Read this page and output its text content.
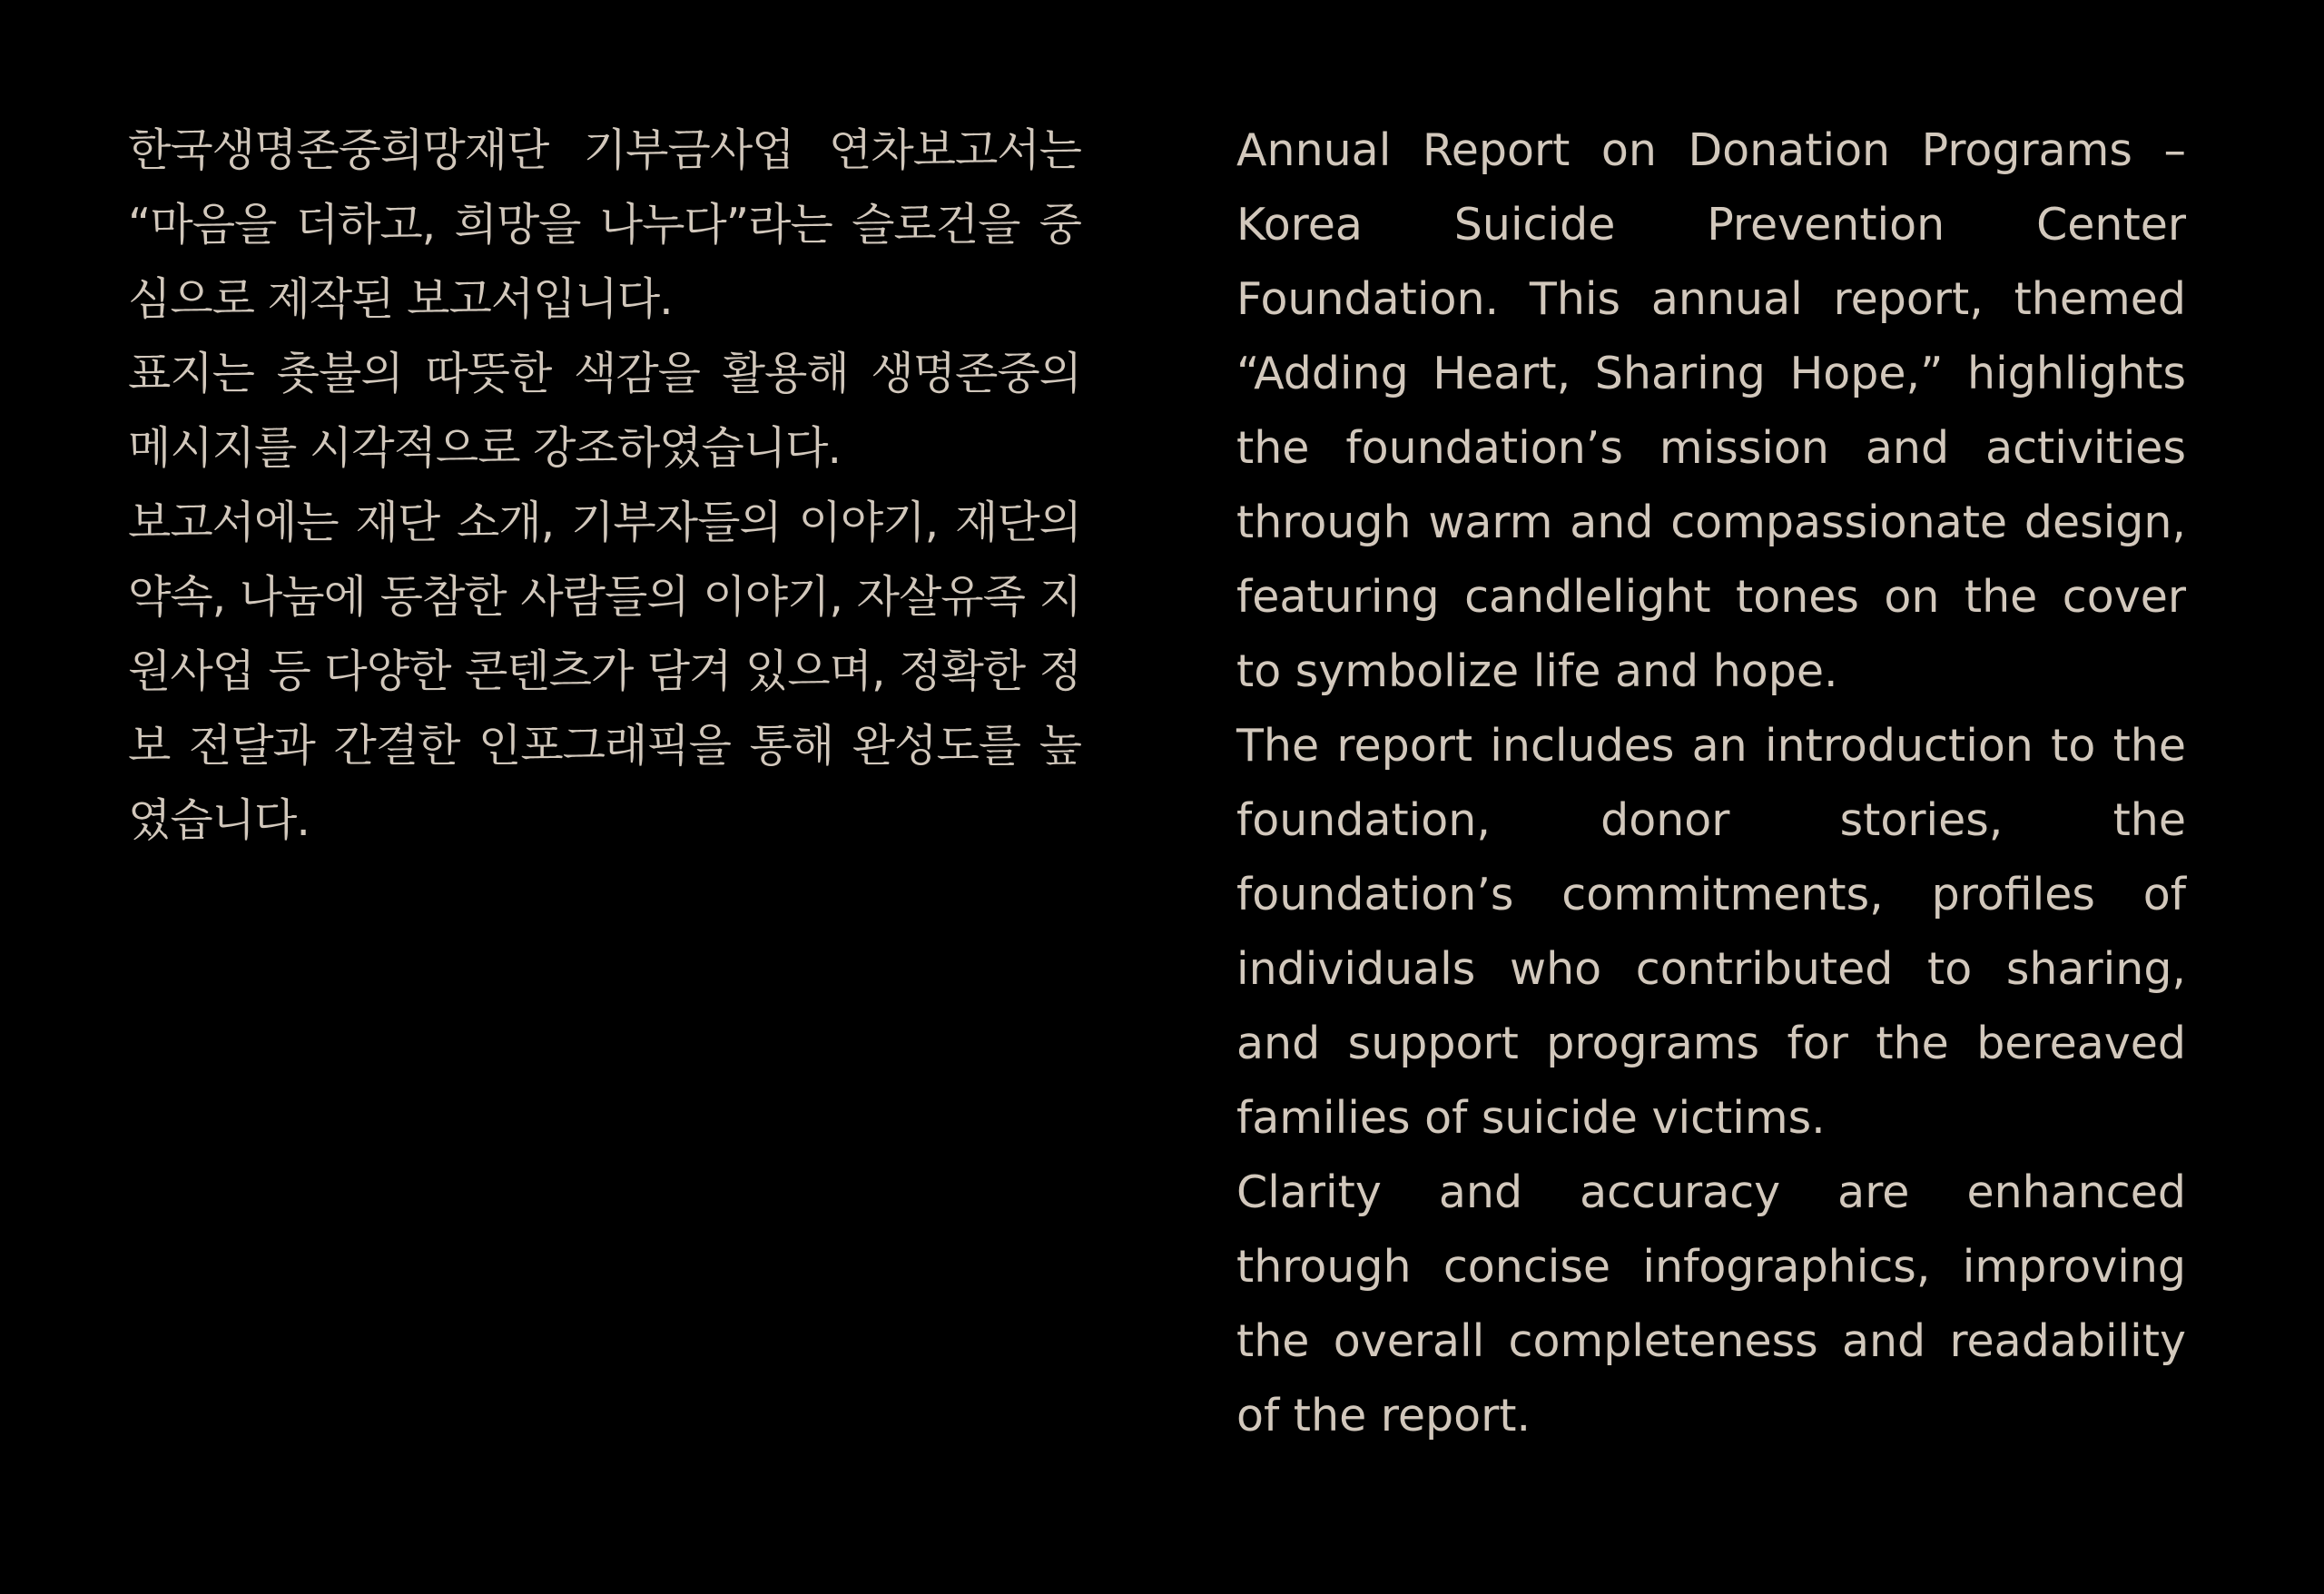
한국생명존중희망재단 기부금사업 연차보고서는 “마음을 더하고, 희망을 나누다”라는 슬로건을 중심으로 제작된 보고서입니다.

표지는 촛불의 따뜻한 색감을 활용해 생명존중의 메시지를 시각적으로 강조하였습니다.

보고서에는 재단 소개, 기부자들의 이야기, 재단의 약속, 나눔에 동참한 사람들의 이야기, 자살유족 지원사업 등 다양한 콘텐츠가 담겨 있으며, 정확한 정보 전달과 간결한 인포그래픽을 통해 완성도를 높였습니다.

Annual Report on Donation Programs – Korea Suicide Prevention Center Foundation. This annual report, themed “Adding Heart, Sharing Hope,” highlights the foundation’s mission and activities through warm and compassionate design, featuring candlelight tones on the cover to symbolize life and hope.

The report includes an introduction to the foundation, donor stories, the foundation’s commitments, profiles of individuals who contributed to sharing, and support programs for the bereaved families of suicide victims.

Clarity and accuracy are enhanced through concise infographics, improving the overall completeness and readability of the report.
